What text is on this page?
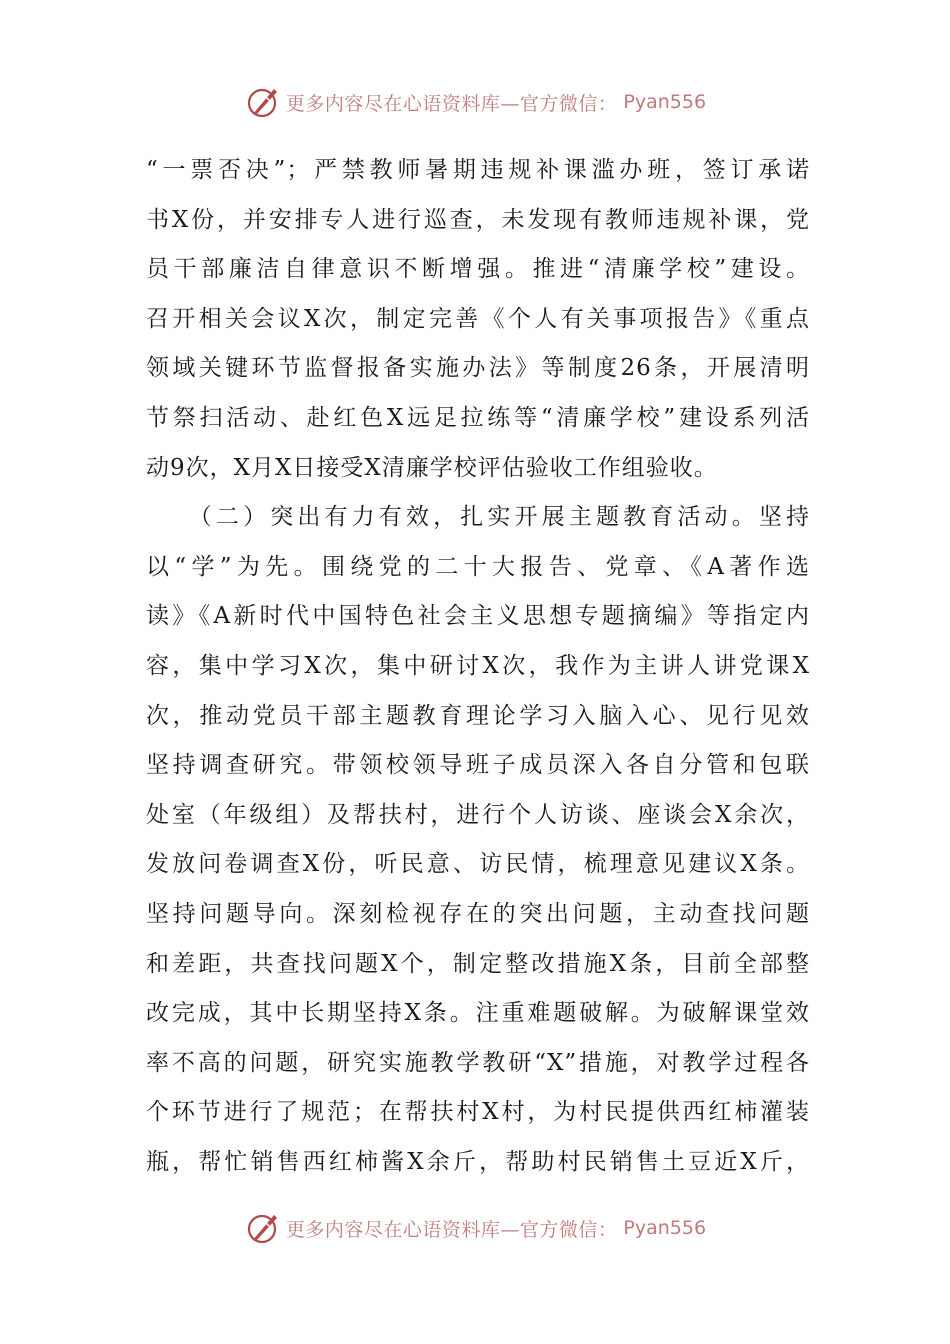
更多内容尽在心语资料库—官方微信： Pyan556
“一票否决”；严禁教师暑期违规补课滥办班，签订承诺
书X份，并安排专人进行巡查，未发现有教师违规补课，党
员干部廉洁自律意识不断增强。推进“清廉学校”建设。
召开相关会议X次，制定完善《个人有关事项报告》《重点
领域关键环节监督报备实施办法》等制度26条，开展清明
节祭扫活动、赴红色X远足拉练等“清廉学校”建设系列活
动9次，X月X日接受X清廉学校评估验收工作组验收。
　　（二）突出有力有效，扎实开展主题教育活动。坚持
以“学”为先。围绕党的二十大报告、党章、《A著作选
读》《A新时代中国特色社会主义思想专题摘编》等指定内
容，集中学习X次，集中研讨X次，我作为主讲人讲党课X
次，推动党员干部主题教育理论学习入脑入心、见行见效
坚持调查研究。带领校领导班子成员深入各自分管和包联
处室（年级组）及帮扶村，进行个人访谈、座谈会X余次，
发放问卷调查X份，听民意、访民情，梳理意见建议X条。
坚持问题导向。深刻检视存在的突出问题，主动查找问题
和差距，共查找问题X个，制定整改措施X条，目前全部整
改完成，其中长期坚持X条。注重难题破解。为破解课堂效
率不高的问题，研究实施教学教研“X”措施，对教学过程各
个环节进行了规范；在帮扶村X村，为村民提供西红柿灌装
瓶，帮忙销售西红柿酱X余斤，帮助村民销售土豆近X斤，
更多内容尽在心语资料库—官方微信： Pyan556
